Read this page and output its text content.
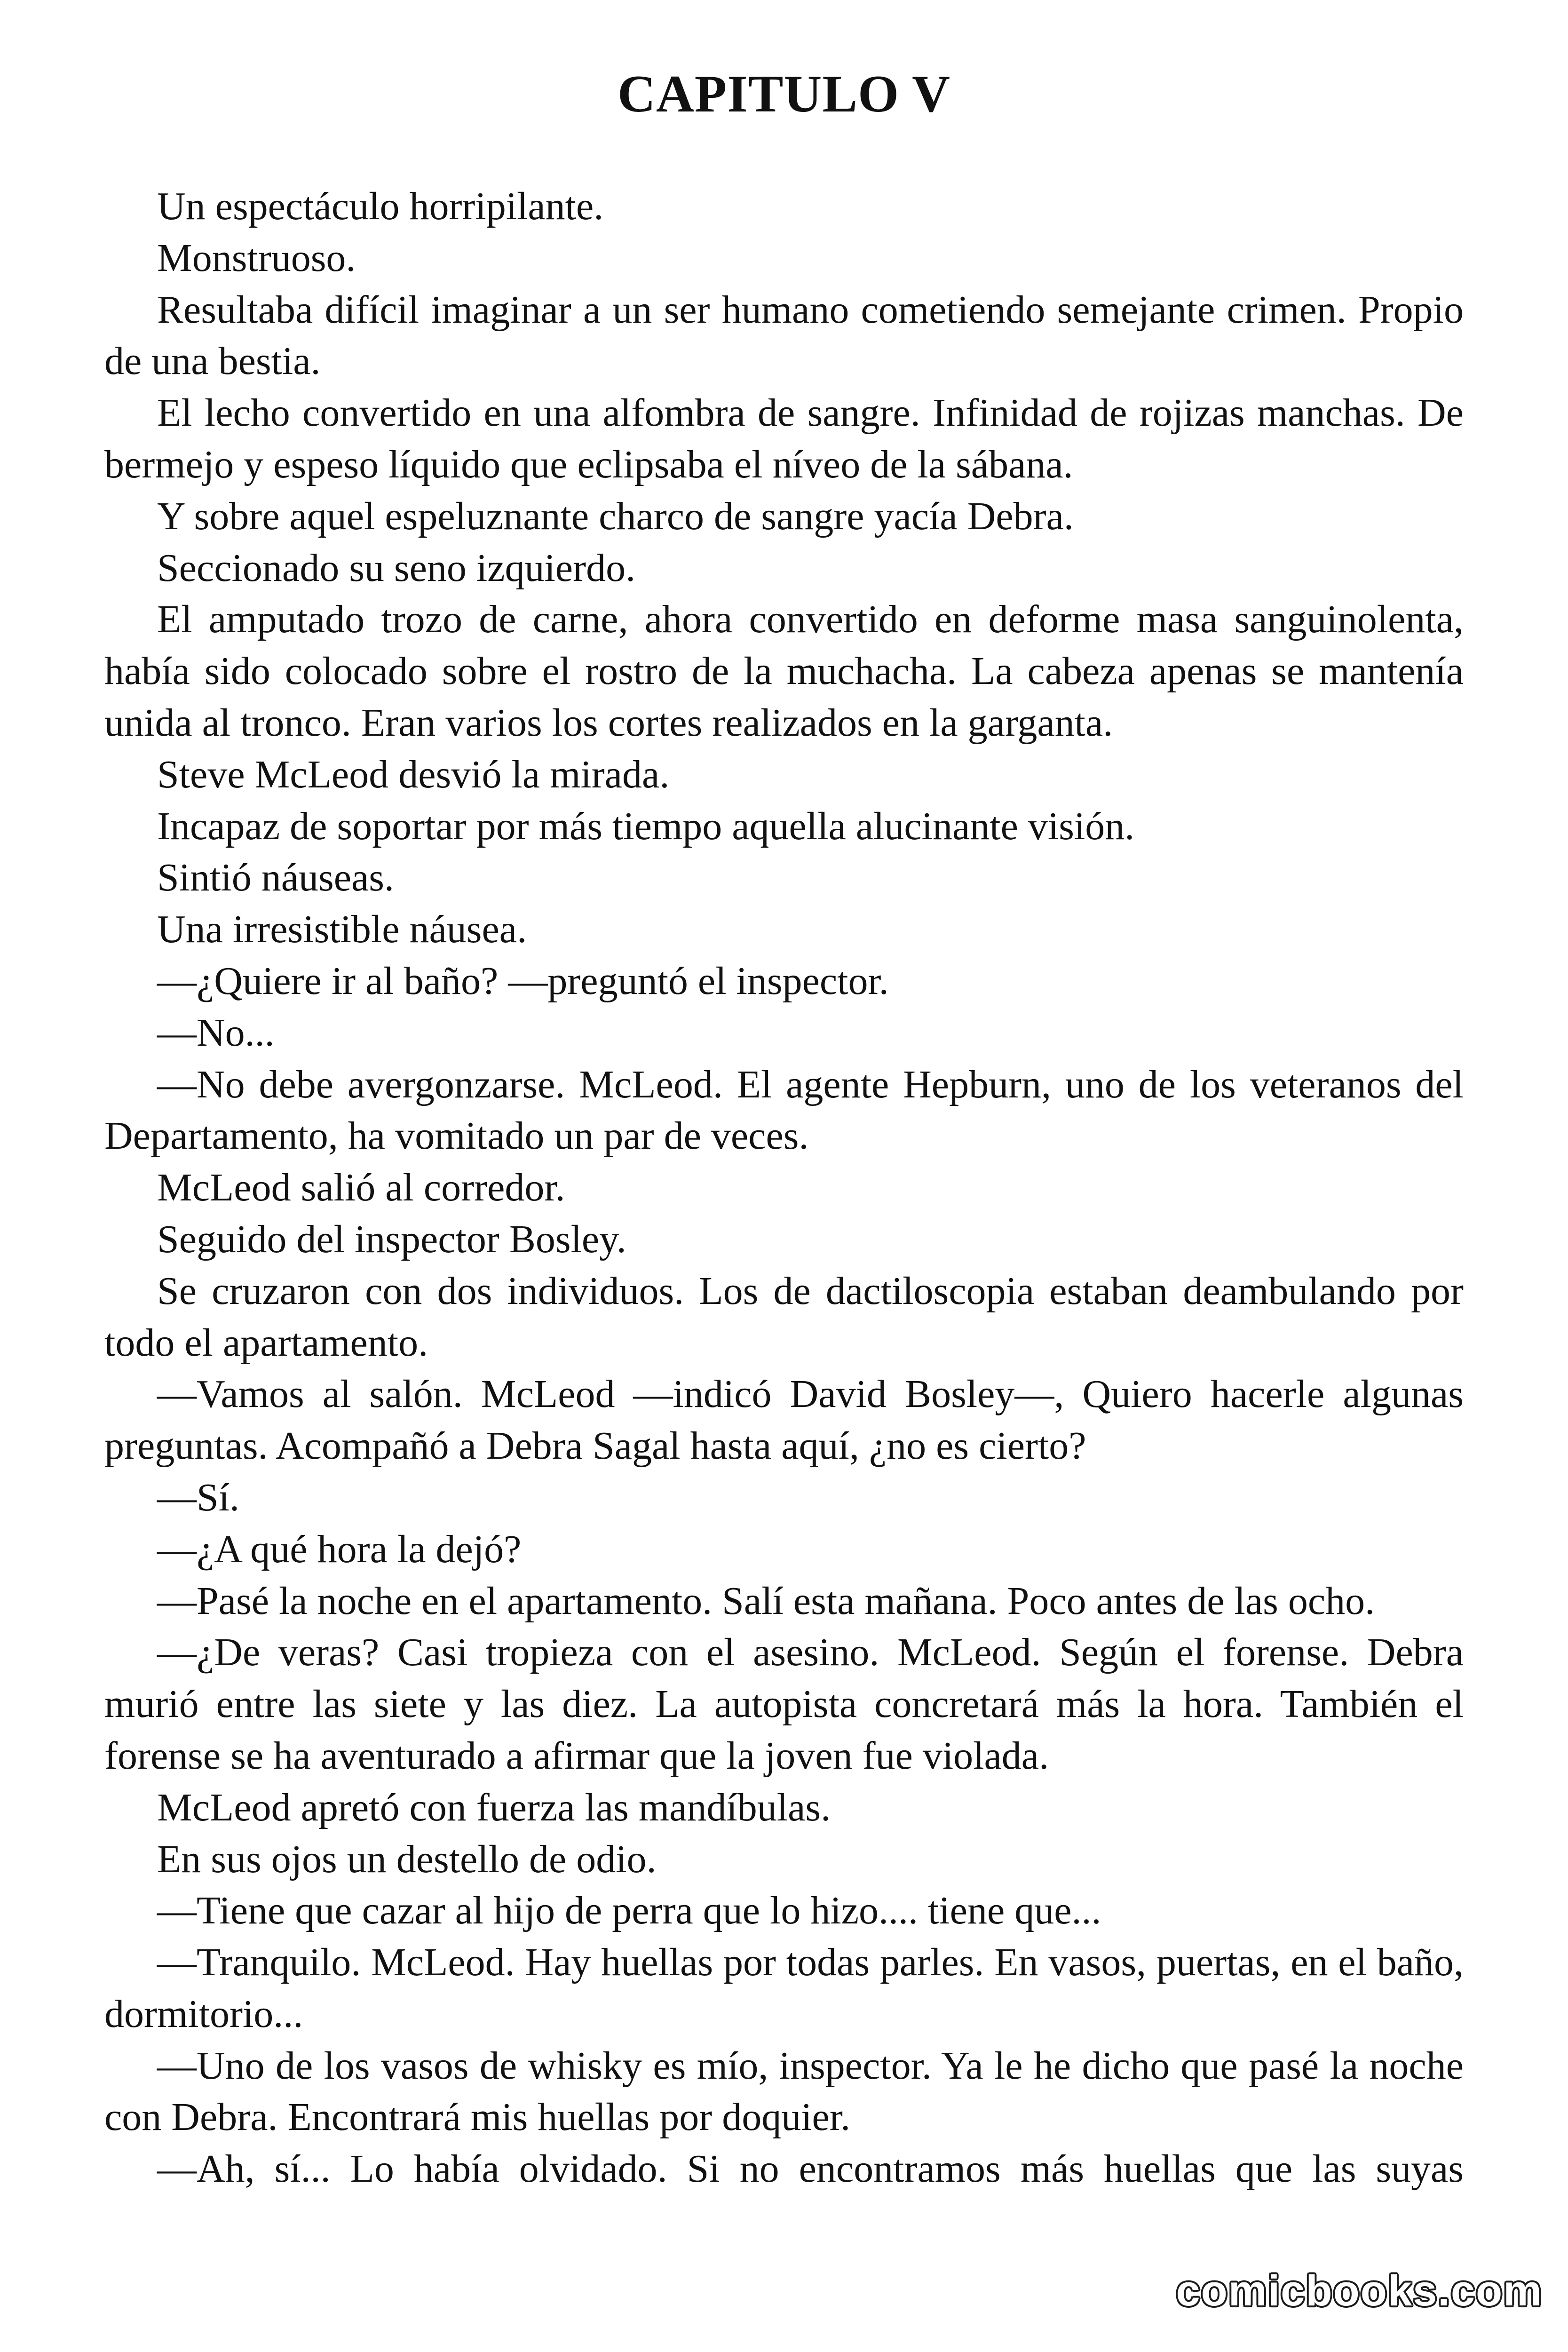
CAPITULO V

Un espectáculo horripilante.

Monstruoso.

Resultaba difícil imaginar a un ser humano cometiendo semejante crimen. Propio de una bestia.

El lecho convertido en una alfombra de sangre. Infinidad de rojizas manchas. De bermejo y espeso líquido que eclipsaba el níveo de la sábana.

Y sobre aquel espeluznante charco de sangre yacía Debra.

Seccionado su seno izquierdo.

El amputado trozo de carne, ahora convertido en deforme masa sanguinolenta, había sido colocado sobre el rostro de la muchacha. La cabeza apenas se mantenía unida al tronco. Eran varios los cortes realizados en la garganta.

Steve McLeod desvió la mirada.

Incapaz de soportar por más tiempo aquella alucinante visión.

Sintió náuseas.

Una irresistible náusea.

—¿Quiere ir al baño? —preguntó el inspector.

—No...

—No debe avergonzarse. McLeod. El agente Hepburn, uno de los veteranos del Departamento, ha vomitado un par de veces.

McLeod salió al corredor.

Seguido del inspector Bosley.

Se cruzaron con dos individuos. Los de dactiloscopia estaban deambulando por todo el apartamento.

—Vamos al salón. McLeod —indicó David Bosley—, Quiero hacerle algunas preguntas. Acompañó a Debra Sagal hasta aquí, ¿no es cierto?

—Sí.

—¿A qué hora la dejó?

—Pasé la noche en el apartamento. Salí esta mañana. Poco antes de las ocho.

—¿De veras? Casi tropieza con el asesino. McLeod. Según el forense. Debra murió entre las siete y las diez. La autopista concretará más la hora. También el forense se ha aventurado a afirmar que la joven fue violada.

McLeod apretó con fuerza las mandíbulas.

En sus ojos un destello de odio.

—Tiene que cazar al hijo de perra que lo hizo.... tiene que...

—Tranquilo. McLeod. Hay huellas por todas parles. En vasos, puertas, en el baño, dormitorio...

—Uno de los vasos de whisky es mío, inspector. Ya le he dicho que pasé la noche con Debra. Encontrará mis huellas por doquier.

—Ah, sí... Lo había olvidado. Si no encontramos más huellas que las suyas

comicbooks.com
